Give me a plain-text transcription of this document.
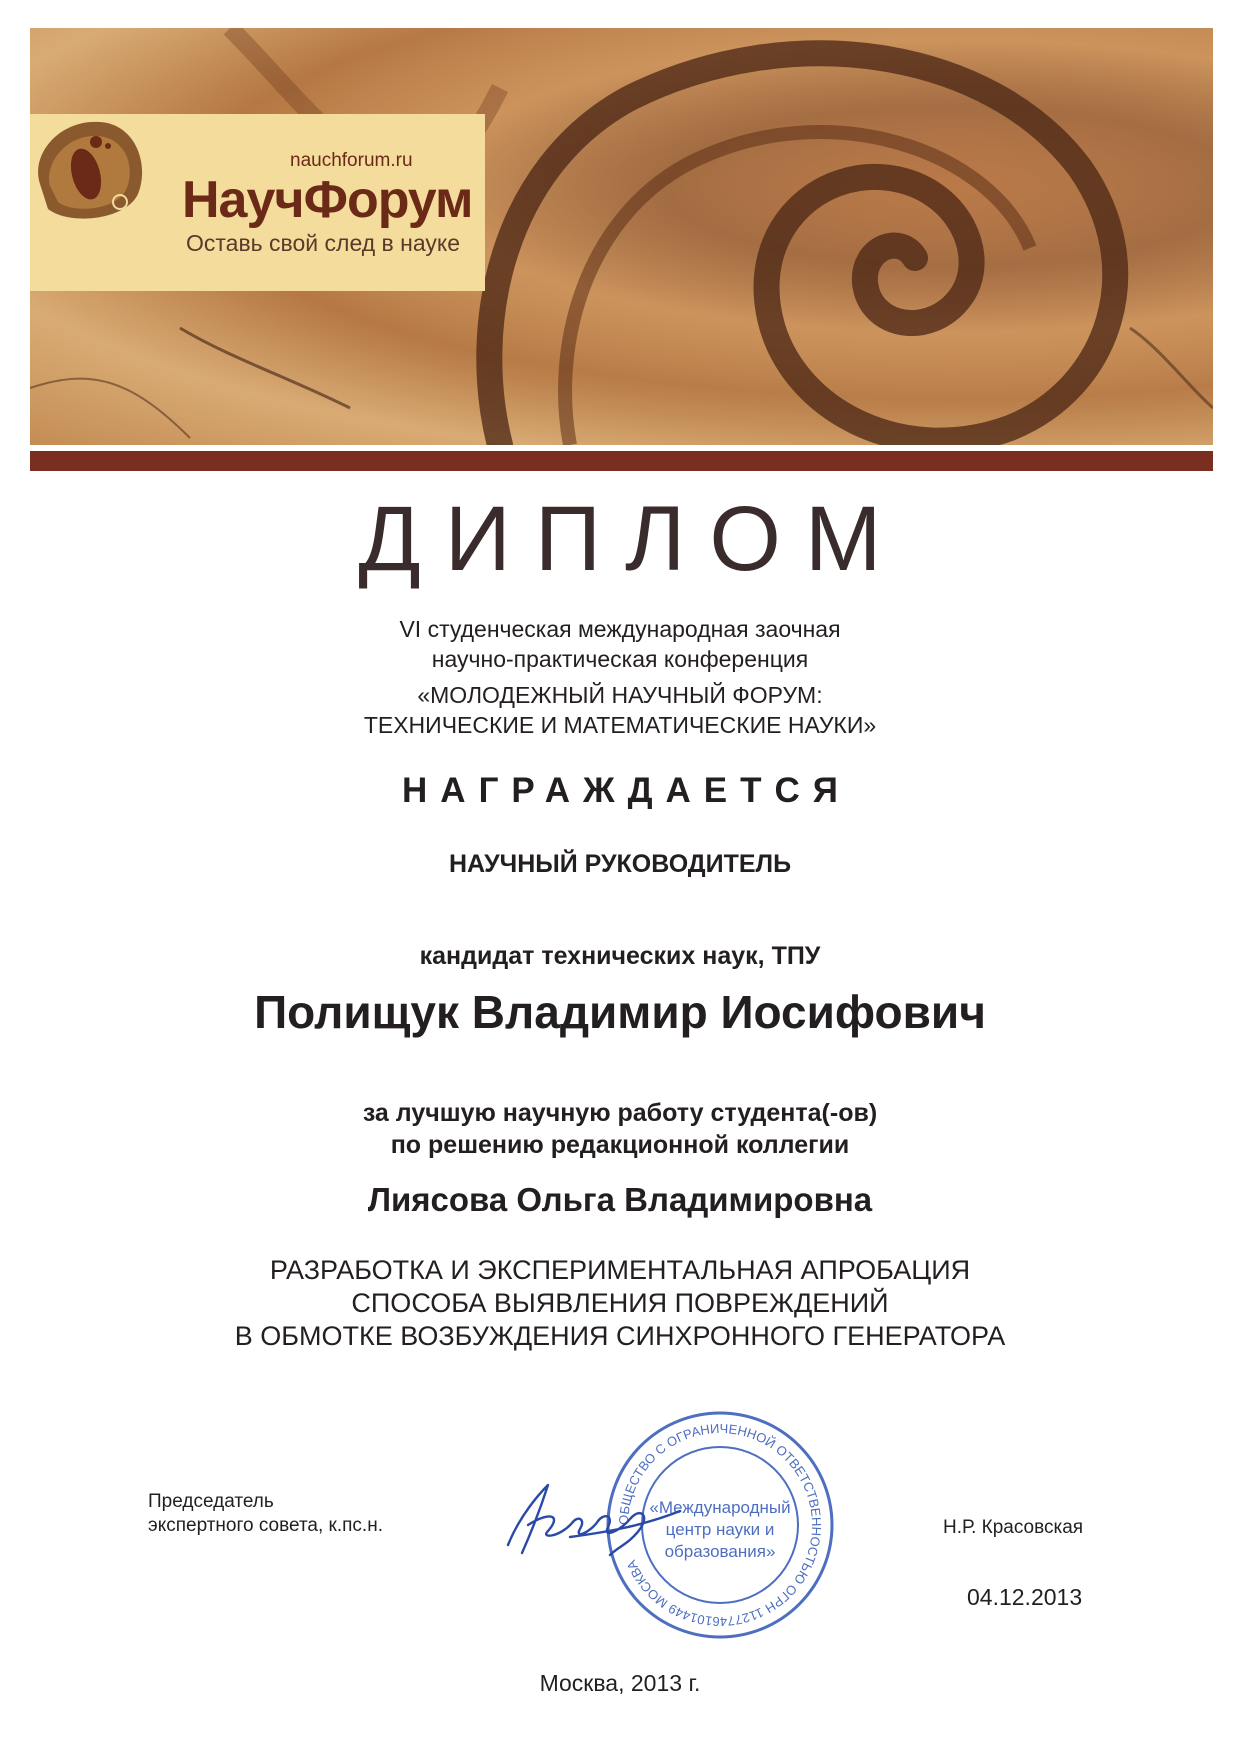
nauchforum.ru
НаучФорум
Оставь свой след в науке
ДИПЛОМ
VI студенческая международная заочная
научно-практическая конференция
«МОЛОДЕЖНЫЙ НАУЧНЫЙ ФОРУМ:
ТЕХНИЧЕСКИЕ И МАТЕМАТИЧЕСКИЕ НАУКИ»
НАГРАЖДАЕТСЯ
НАУЧНЫЙ РУКОВОДИТЕЛЬ
кандидат технических наук, ТПУ
Полищук Владимир Иосифович
за лучшую научную работу студента(-ов)
по решению редакционной коллегии
Лиясова Ольга Владимировна
РАЗРАБОТКА И ЭКСПЕРИМЕНТАЛЬНАЯ АПРОБАЦИЯ
СПОСОБА ВЫЯВЛЕНИЯ ПОВРЕЖДЕНИЙ
В ОБМОТКЕ ВОЗБУЖДЕНИЯ СИНХРОННОГО ГЕНЕРАТОРА
Председатель
экспертного совета, к.пс.н.	ОБЩЕСТВО С ОГРАНИЧЕННОЙ ОТВЕТСТВЕННОСТЬЮ ОГРН 1127746101449 МОСКВА
«Международный
центр науки и
образования»
Н.Р. Красовская
04.12.2013
Москва, 2013 г.
